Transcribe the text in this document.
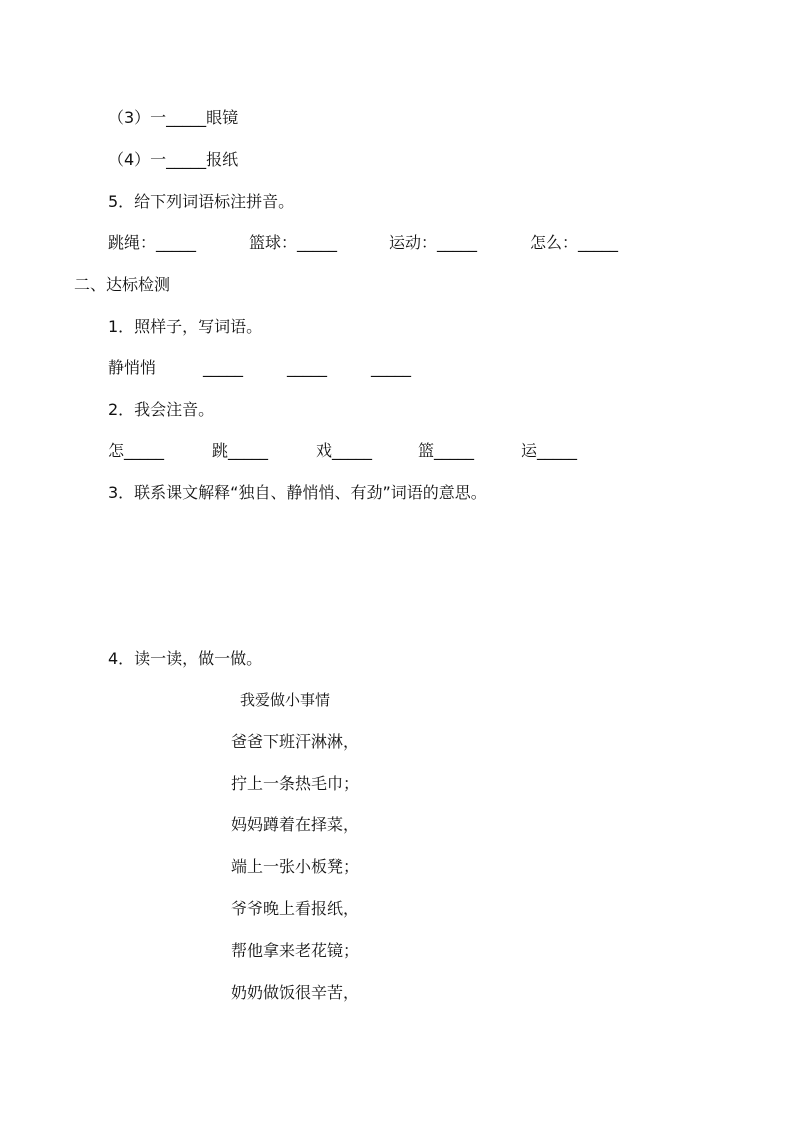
（3）一_____眼镜
（4）一_____报纸
5．给下列词语标注拼音。
跳绳：_____	篮球：_____	运动：_____	怎么：_____
二、达标检测
1．照样子，写词语。
静悄悄	_____	_____	_____
2．我会注音。
怎_____	跳_____	戏_____	篮_____	运_____
3．联系课文解释“独自、静悄悄、有劲”词语的意思。
4．读一读，做一做。
我爱做小事情
爸爸下班汗淋淋，
拧上一条热毛巾；
妈妈蹲着在择菜，
端上一张小板凳；
爷爷晚上看报纸，
帮他拿来老花镜；
奶奶做饭很辛苦，
